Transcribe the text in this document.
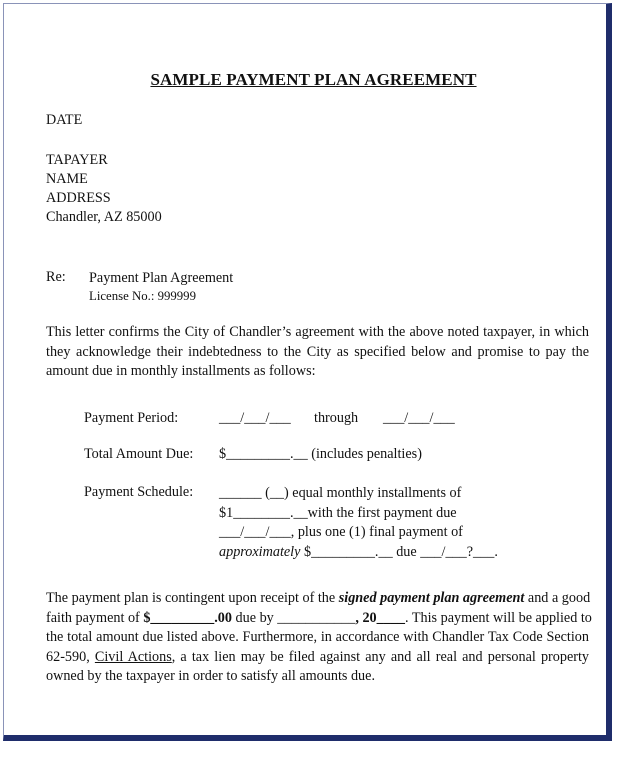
SAMPLE PAYMENT PLAN AGREEMENT
DATE
TAPAYER
NAME
ADDRESS
Chandler, AZ 85000
Re: Payment Plan Agreement
License No.: 999999
This letter confirms the City of Chandler’s agreement with the above noted taxpayer, in which
they acknowledge their indebtedness to the City as specified below and promise to pay the
amount due in monthly installments as follows:
Payment Period:	___/___/___ through ___/___/___
Total Amount Due: $_________.__ (includes penalties)
Payment Schedule: ______ (__) equal monthly installments of
$1________.__with the first payment due
___/___/___, plus one (1) final payment of
approximately $_________.__ due ___/___?___.
The payment plan is contingent upon receipt of the signed payment plan agreement and a good
faith payment of $_________.00 due by ___________, 20____. This payment will be applied to
the total amount due listed above. Furthermore, in accordance with Chandler Tax Code Section
62-590, Civil Actions, a tax lien may be filed against any and all real and personal property
owned by the taxpayer in order to satisfy all amounts due.
